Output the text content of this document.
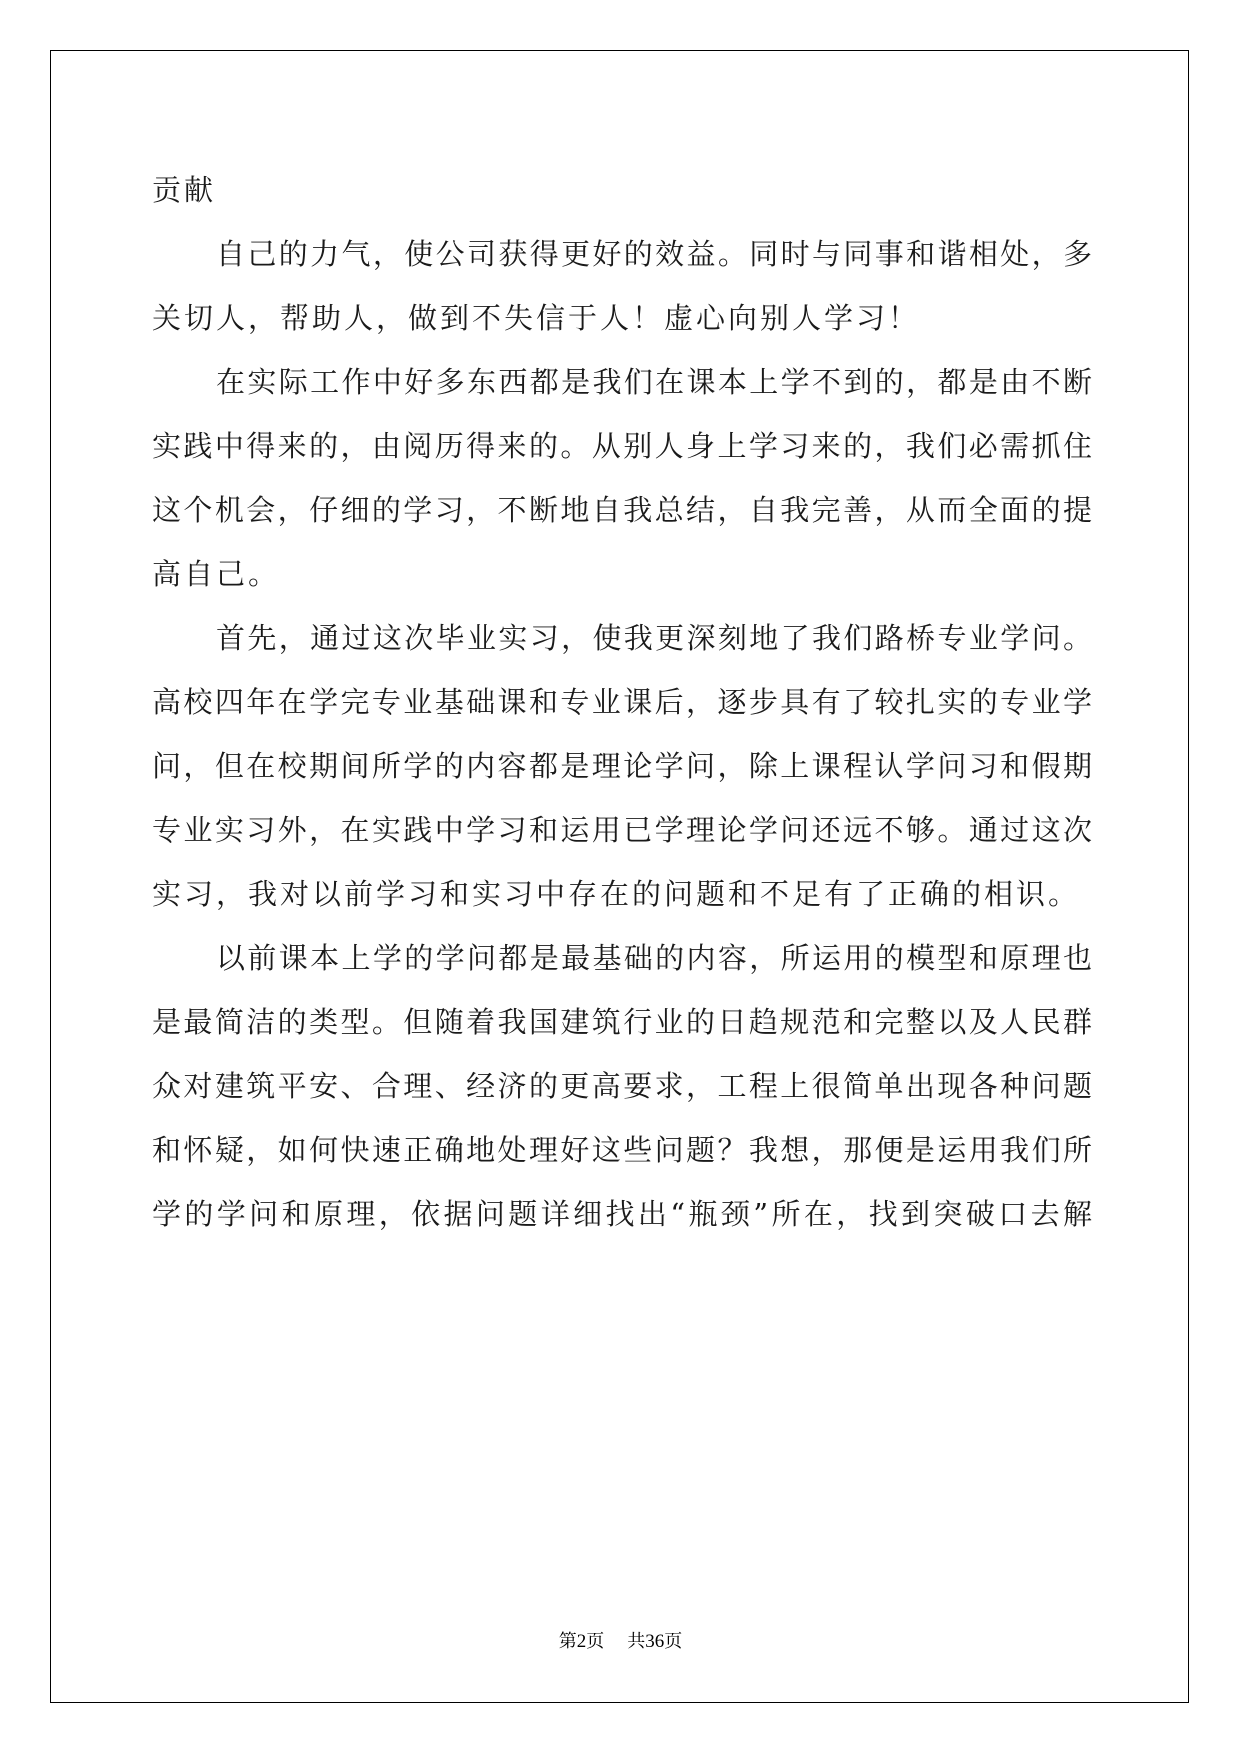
贡献
自己的力气，使公司获得更好的效益。同时与同事和谐相处，多
关切人，帮助人，做到不失信于人！虚心向别人学习！
在实际工作中好多东西都是我们在课本上学不到的，都是由不断
实践中得来的，由阅历得来的。从别人身上学习来的，我们必需抓住
这个机会，仔细的学习，不断地自我总结，自我完善，从而全面的提
高自己。
首先，通过这次毕业实习，使我更深刻地了我们路桥专业学问。
高校四年在学完专业基础课和专业课后，逐步具有了较扎实的专业学
问，但在校期间所学的内容都是理论学问，除上课程认学问习和假期
专业实习外，在实践中学习和运用已学理论学问还远不够。通过这次
实习，我对以前学习和实习中存在的问题和不足有了正确的相识。
以前课本上学的学问都是最基础的内容，所运用的模型和原理也
是最简洁的类型。但随着我国建筑行业的日趋规范和完整以及人民群
众对建筑平安、合理、经济的更高要求，工程上很简单出现各种问题
和怀疑，如何快速正确地处理好这些问题？我想，那便是运用我们所
学的学问和原理，依据问题详细找出“瓶颈”所在，找到突破口去解
第2页 共36页
